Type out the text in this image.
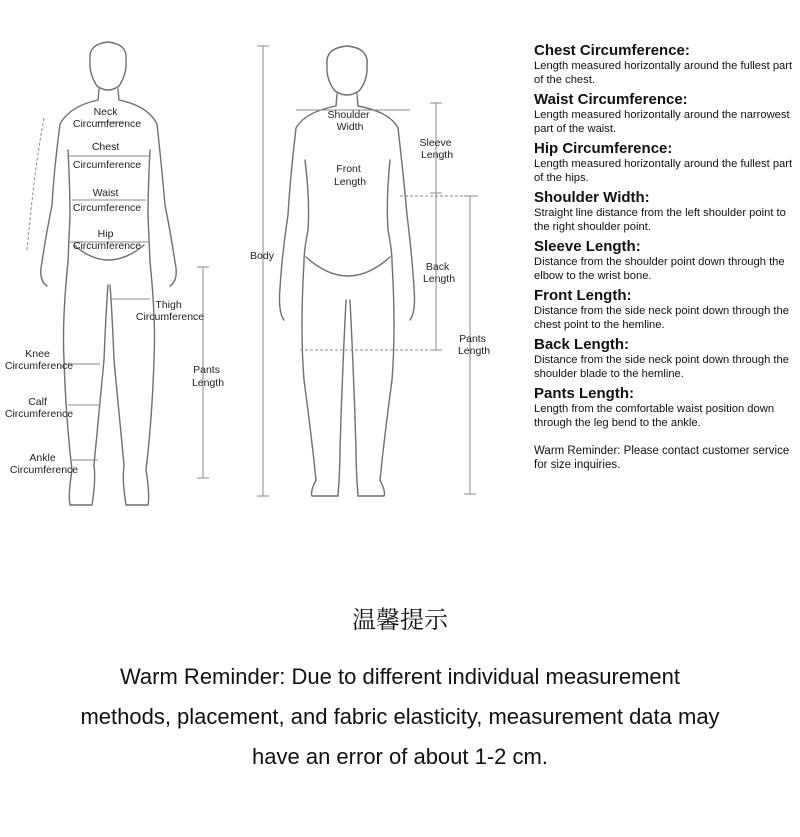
Neck Circumference
Chest Circumference
Waist Circumference
Hip Circumference
Thigh Circumference
Knee Circumference
Calf Circumference
Ankle Circumference
Pants Length
Shoulder Width
Sleeve Length
Front Length
Body
Back Length
Pants Length
Chest Circumference:
Length measured horizontally around the fullest part of the chest.
Waist Circumference:
Length measured horizontally around the narrowest part of the waist.
Hip Circumference:
Length measured horizontally around the fullest part of the hips.
Shoulder Width:
Straight line distance from the left shoulder point to the right shoulder point.
Sleeve Length:
Distance from the shoulder point down through the elbow to the wrist bone.
Front Length:
Distance from the side neck point down through the chest point to the hemline.
Back Length:
Distance from the side neck point down through the shoulder blade to the hemline.
Pants Length:
Length from the comfortable waist position down through the leg bend to the ankle.
Warm Reminder: Please contact customer service for size inquiries.
温馨提示
Warm Reminder: Due to different individual measurement methods, placement, and fabric elasticity, measurement data may have an error of about 1-2 cm.
